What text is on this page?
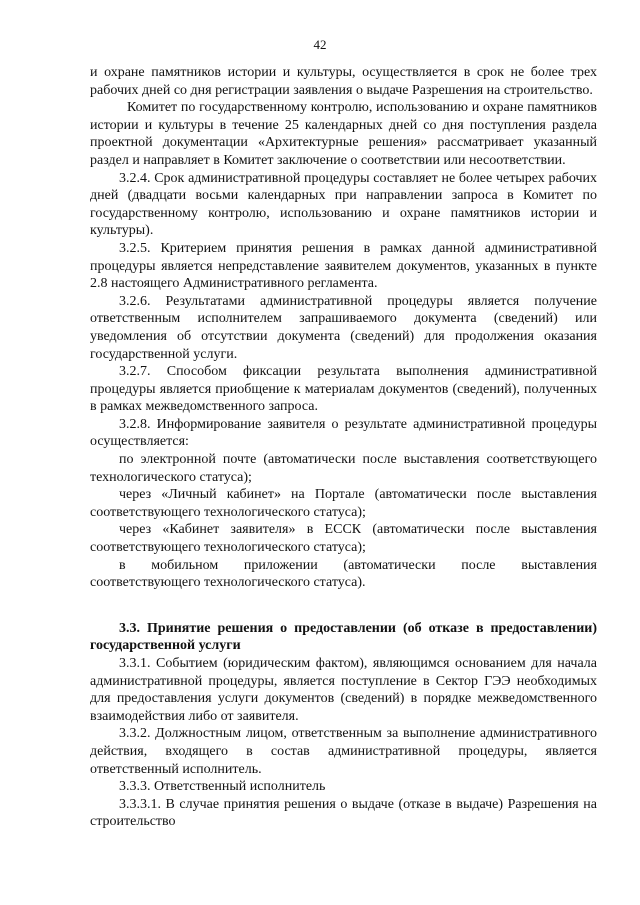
42

и охране памятников истории и культуры, осуществляется в срок не более трех рабочих дней со дня регистрации заявления о выдаче Разрешения на строительство.

Комитет по государственному контролю, использованию и охране памятников истории и культуры в течение 25 календарных дней со дня поступления раздела проектной документации «Архитектурные решения» рассматривает указанный раздел и направляет в Комитет заключение о соответствии или несоответствии.

3.2.4. Срок административной процедуры составляет не более четырех рабочих дней (двадцати восьми календарных при направлении запроса в Комитет по государственному контролю, использованию и охране памятников истории и культуры).

3.2.5. Критерием принятия решения в рамках данной административной процедуры является непредставление заявителем документов, указанных в пункте 2.8 настоящего Административного регламента.

3.2.6. Результатами административной процедуры является получение ответственным исполнителем запрашиваемого документа (сведений) или уведомления об отсутствии документа (сведений) для продолжения оказания государственной услуги.

3.2.7. Способом фиксации результата выполнения административной процедуры является приобщение к материалам документов (сведений), полученных в рамках межведомственного запроса.

3.2.8. Информирование заявителя о результате административной процедуры осуществляется:

по электронной почте (автоматически после выставления соответствующего технологического статуса);

через «Личный кабинет» на Портале (автоматически после выставления соответствующего технологического статуса);

через «Кабинет заявителя» в ЕССК (автоматически после выставления соответствующего технологического статуса);

в мобильном приложении (автоматически после выставления соответствующего технологического статуса).

3.3. Принятие решения о предоставлении (об отказе в предоставлении) государственной услуги

3.3.1. Событием (юридическим фактом), являющимся основанием для начала административной процедуры, является поступление в Сектор ГЭЭ необходимых для предоставления услуги документов (сведений) в порядке межведомственного взаимодействия либо от заявителя.

3.3.2. Должностным лицом, ответственным за выполнение административного действия, входящего в состав административной процедуры, является ответственный исполнитель.

3.3.3. Ответственный исполнитель

3.3.3.1. В случае принятия решения о выдаче (отказе в выдаче) Разрешения на строительство
